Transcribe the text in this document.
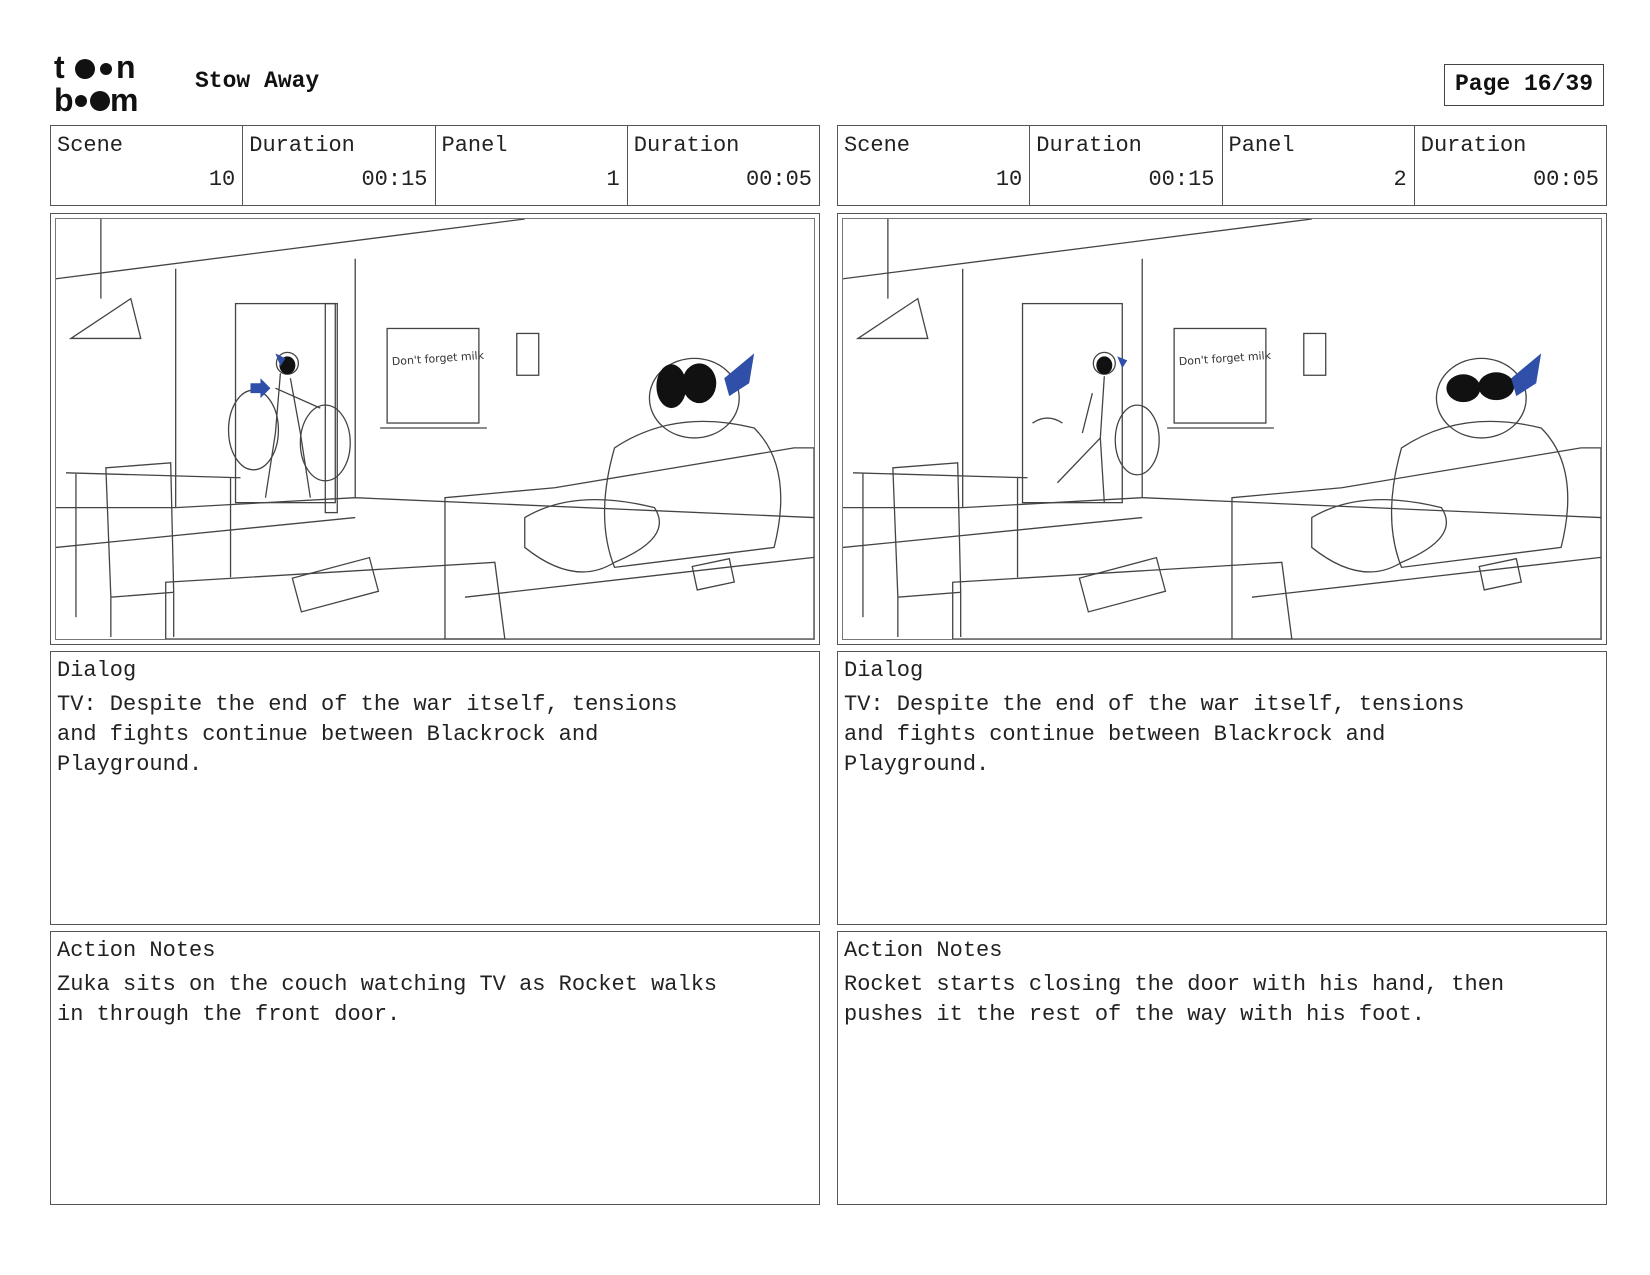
t n
b m
Stow Away	Page 16/39
Scene
10
Duration
00:15
Panel
1
Duration
00:05
Don't forget milk
Dialog
TV: Despite the end of the war itself, tensions
and fights continue between Blackrock and
Playground.
Action Notes
Zuka sits on the couch watching TV as Rocket walks
in through the front door.
Scene
10
Duration
00:15
Panel
2
Duration
00:05
Don't forget milk
Dialog
TV: Despite the end of the war itself, tensions
and fights continue between Blackrock and
Playground.
Action Notes
Rocket starts closing the door with his hand, then
pushes it the rest of the way with his foot.
